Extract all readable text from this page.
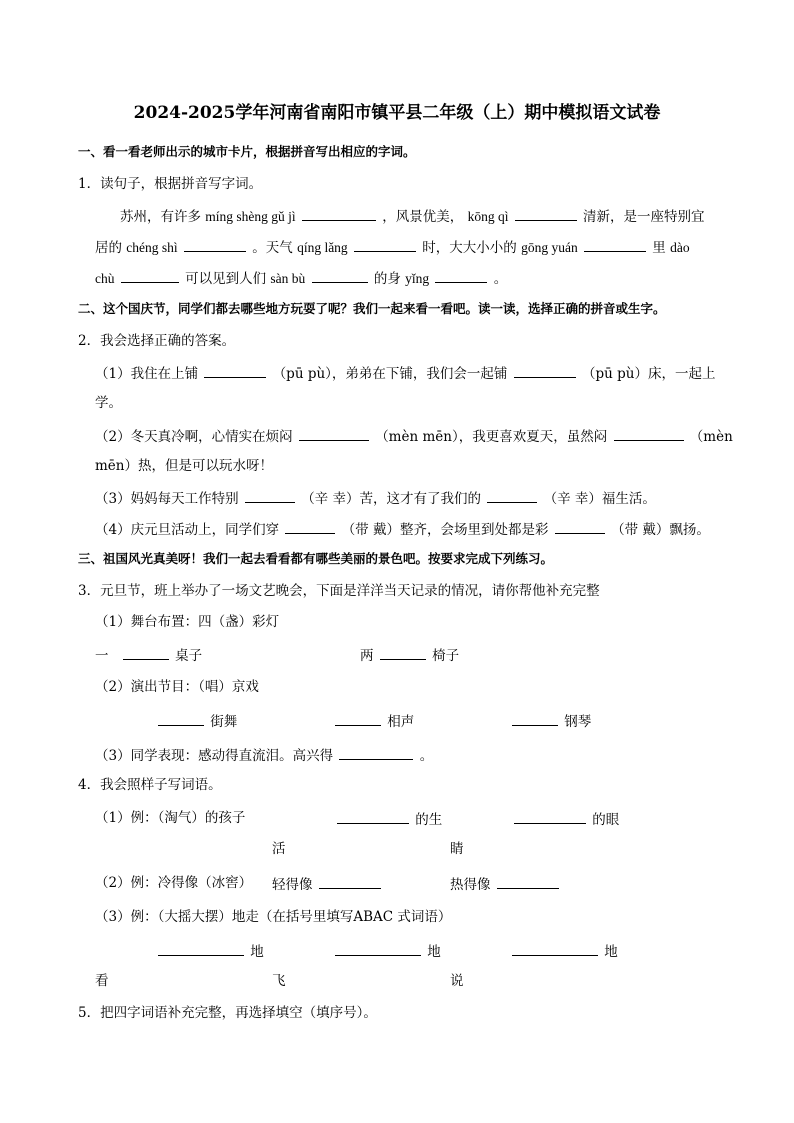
2024-2025学年河南省南阳市镇平县二年级（上）期中模拟语文试卷
一、看一看老师出示的城市卡片，根据拼音写出相应的字词。
1．读句子，根据拼音写字词。
苏州，有许多 míng shèng gǔ jì	，风景优美， kōng qì	清新，是一座特别宜
居的 chéng shì	。天气 qíng lǎng	时，大大小小的 gōng yuán	里 dào
chù	可以见到人们 sàn bù	的身 yǐng	。
二、这个国庆节，同学们都去哪些地方玩耍了呢？我们一起来看一看吧。读一读，选择正确的拼音或生字。
2．我会选择正确的答案。
（1）我住在上铺	（pū pù），弟弟在下铺，我们会一起铺	（pū pù）床，一起上
学。
（2）冬天真冷啊，心情实在烦闷	（mèn mēn），我更喜欢夏天，虽然闷	（mèn
mēn）热，但是可以玩水呀！
（3）妈妈每天工作特别	（辛 幸）苦，这才有了我们的	（辛 幸）福生活。
（4）庆元旦活动上，同学们穿	（带 戴）整齐，会场里到处都是彩	（带 戴）飘扬。
三、祖国风光真美呀！我们一起去看看都有哪些美丽的景色吧。按要求完成下列练习。
3．元旦节，班上举办了一场文艺晚会，下面是洋洋当天记录的情况，请你帮他补充完整
（1）舞台布置：四（盏）彩灯
一	桌子	两	椅子
（2）演出节目：（唱）京戏
街舞	相声	钢琴
（3）同学表现：感动得直流泪。高兴得	。
4．我会照样子写词语。
（1）例：（淘气）的孩子	的生	的眼
活	睛
（2）例：冷得像（冰窖） 轻得像	热得像
（3）例：（大摇大摆）地走（在括号里填写ABAC 式词语）
地	地	地
看	飞	说
5．把四字词语补充完整，再选择填空（填序号）。
